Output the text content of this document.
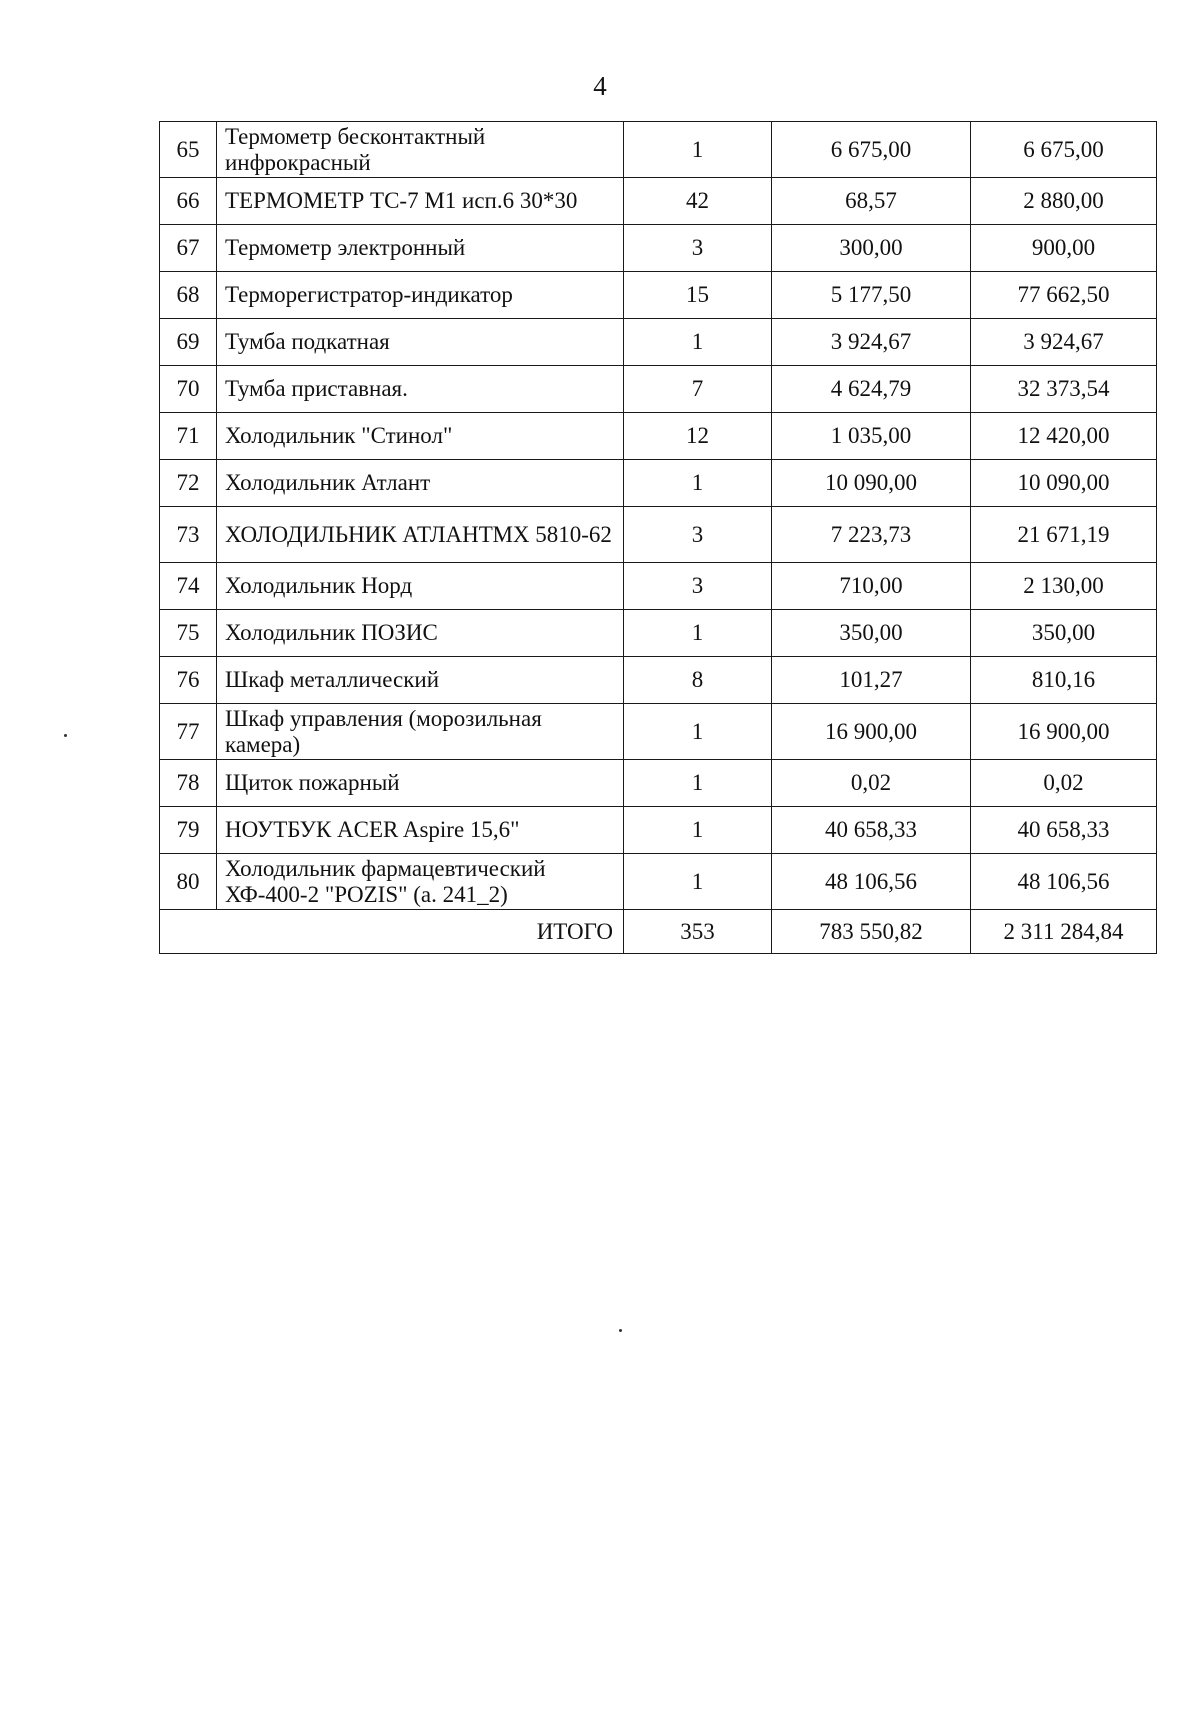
4
65	Термометр бесконтактный инфрокрасный	1	6 675,00	6 675,00
66	ТЕРМОМЕТР ТС-7 М1 исп.6 30*30	42	68,57	2 880,00
67	Термометр электронный	3	300,00	900,00
68	Терморегистратор-индикатор	15	5 177,50	77 662,50
69	Тумба подкатная	1	3 924,67	3 924,67
70	Тумба приставная.	7	4 624,79	32 373,54
71	Холодильник "Стинол"	12	1 035,00	12 420,00
72	Холодильник Атлант	1	10 090,00	10 090,00
73	ХОЛОДИЛЬНИК АТЛАНТМХ 5810-62	3	7 223,73	21 671,19
74	Холодильник Норд	3	710,00	2 130,00
75	Холодильник ПОЗИС	1	350,00	350,00
76	Шкаф металлический	8	101,27	810,16
77	Шкаф управления (морозильная камера)	1	16 900,00	16 900,00
78	Щиток пожарный	1	0,02	0,02
79	НОУТБУК ACER Aspire 15,6"	1	40 658,33	40 658,33
80	Холодильник фармацевтический ХФ-400-2 "POZIS" (а. 241_2)	1	48 106,56	48 106,56
ИТОГО		353	783 550,82	2 311 284,84
